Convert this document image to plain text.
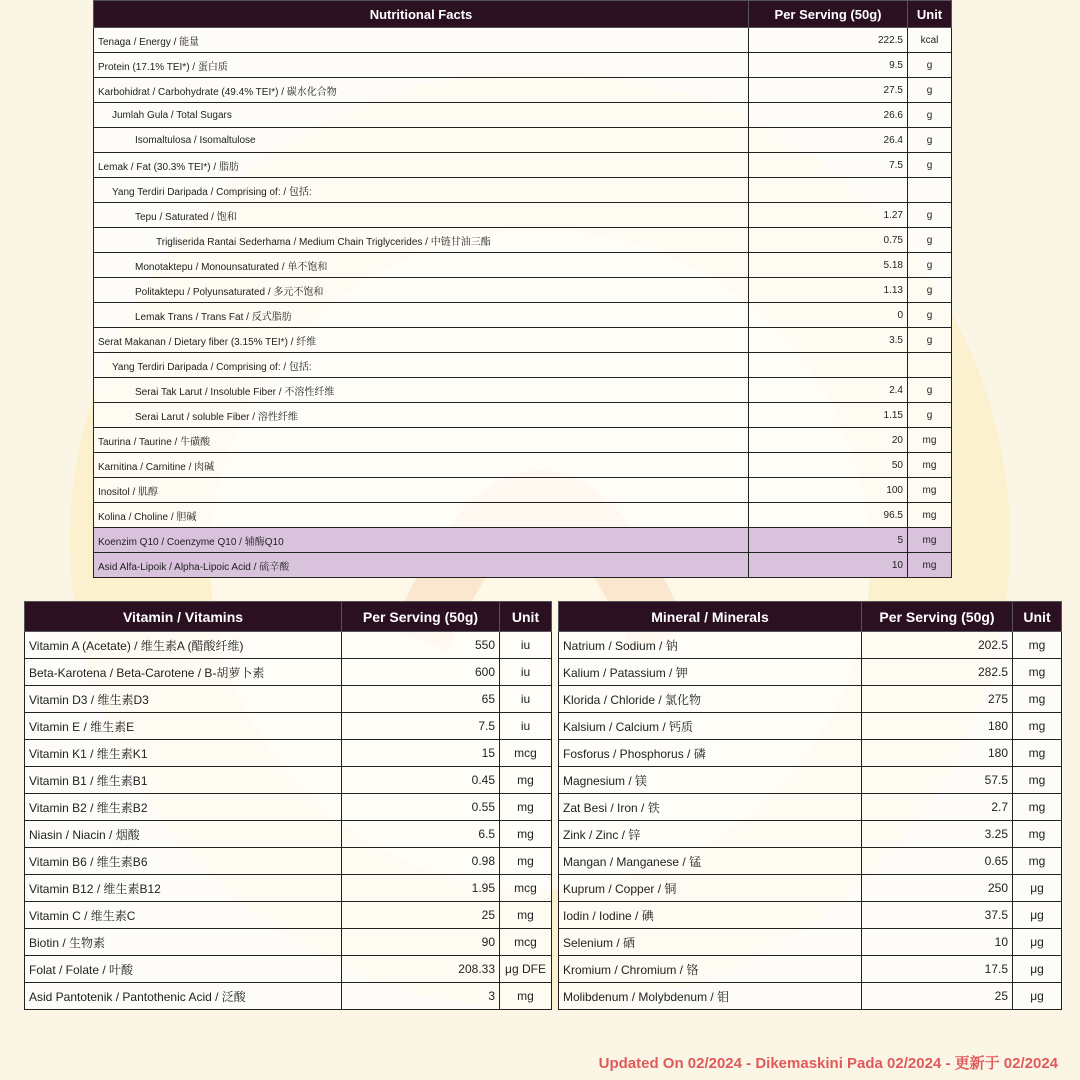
Nutritional Facts	Per Serving (50g)	Unit
Tenaga / Energy / 能量	222.5	kcal
Protein (17.1% TEI*) / 蛋白质	9.5	g
Karbohidrat / Carbohydrate (49.4% TEI*) / 碳水化合物	27.5	g
Jumlah Gula / Total Sugars	26.6	g
Isomaltulosa / Isomaltulose	26.4	g
Lemak / Fat (30.3% TEI*) / 脂肪	7.5	g
Yang Terdiri Daripada / Comprising of: / 包括:		
Tepu / Saturated / 饱和	1.27	g
Trigliserida Rantai Sederhama / Medium Chain Triglycerides / 中链甘油三酯	0.75	g
Monotaktepu / Monounsaturated / 单不饱和	5.18	g
Politaktepu / Polyunsaturated / 多元不饱和	1.13	g
Lemak Trans / Trans Fat / 反式脂肪	0	g
Serat Makanan / Dietary fiber (3.15% TEI*) / 纤维	3.5	g
Yang Terdiri Daripada / Comprising of: / 包括:		
Serai Tak Larut / Insoluble Fiber / 不溶性纤维	2.4	g
Serai Larut / soluble Fiber / 溶性纤维	1.15	g
Taurina / Taurine / 牛磺酸	20	mg
Karnitina / Carnitine / 肉碱	50	mg
Inositol / 肌醇	100	mg
Kolina / Choline / 胆碱	96.5	mg
Koenzim Q10 / Coenzyme Q10 / 辅酶Q10	5	mg
Asid Alfa-Lipoik / Alpha-Lipoic Acid / 硫辛酸	10	mg
Vitamin / Vitamins	Per Serving (50g)	Unit
Vitamin A (Acetate) / 维生素A (醋酸纤维)	550	iu
Beta-Karotena / Beta-Carotene / B-胡萝卜素	600	iu
Vitamin D3 / 维生素D3	65	iu
Vitamin E / 维生素E	7.5	iu
Vitamin K1 / 维生素K1	15	mcg
Vitamin B1 / 维生素B1	0.45	mg
Vitamin B2 / 维生素B2	0.55	mg
Niasin / Niacin / 烟酸	6.5	mg
Vitamin B6 / 维生素B6	0.98	mg
Vitamin B12 / 维生素B12	1.95	mcg
Vitamin C / 维生素C	25	mg
Biotin / 生物素	90	mcg
Folat / Folate / 叶酸	208.33	μg DFE
Asid Pantotenik / Pantothenic Acid / 泛酸	3	mg
Mineral / Minerals	Per Serving (50g)	Unit
Natrium / Sodium / 钠	202.5	mg
Kalium / Patassium / 钾	282.5	mg
Klorida / Chloride / 氯化物	275	mg
Kalsium / Calcium / 钙质	180	mg
Fosforus / Phosphorus / 磷	180	mg
Magnesium / 镁	57.5	mg
Zat Besi / Iron / 铁	2.7	mg
Zink / Zinc / 锌	3.25	mg
Mangan / Manganese / 锰	0.65	mg
Kuprum / Copper / 铜	250	μg
Iodin / Iodine / 碘	37.5	μg
Selenium / 硒	10	μg
Kromium / Chromium / 铬	17.5	μg
Molibdenum / Molybdenum / 钼	25	μg
Updated On 02/2024 - Dikemaskini Pada 02/2024 - 更新于 02/2024
